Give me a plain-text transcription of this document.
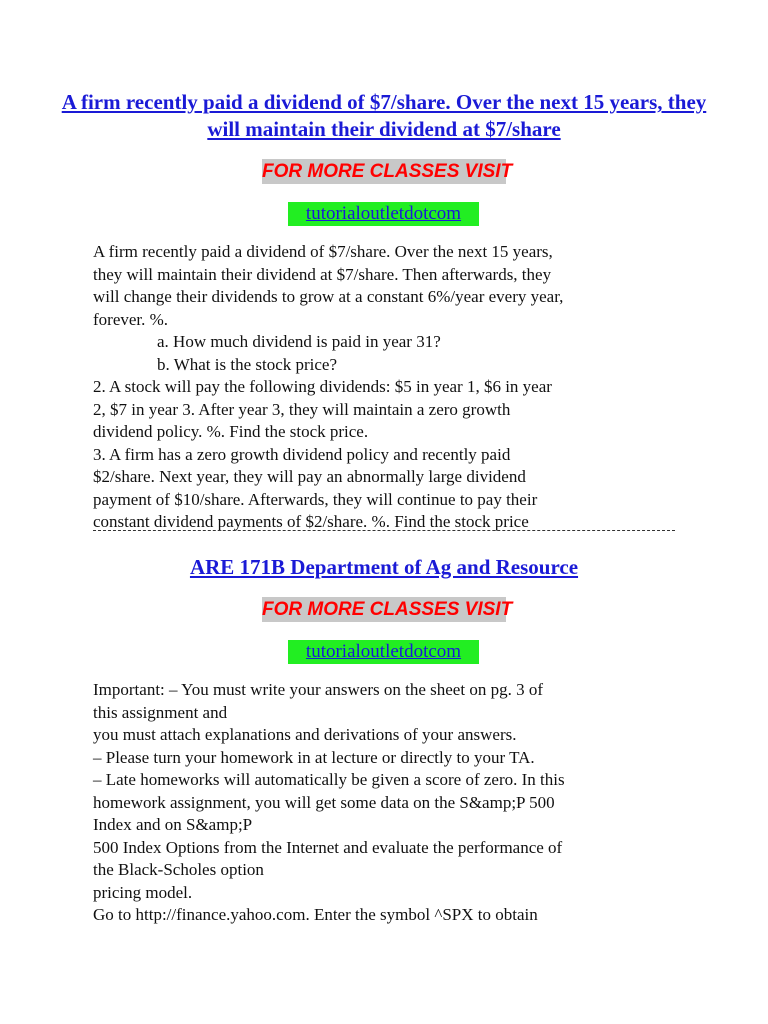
A firm recently paid a dividend of $7/share. Over the next 15 years, they will maintain their dividend at $7/share
FOR MORE CLASSES VISIT
tutorialoutletdotcom
A firm recently paid a dividend of $7/share. Over the next 15 years,
they will maintain their dividend at $7/share. Then afterwards, they
will change their dividends to grow at a constant 6%/year every year,
forever. %.
a. How much dividend is paid in year 31?
b. What is the stock price?
2. A stock will pay the following dividends: $5 in year 1, $6 in year
2, $7 in year 3. After year 3, they will maintain a zero growth
dividend policy. %. Find the stock price.
3. A firm has a zero growth dividend policy and recently paid
$2/share. Next year, they will pay an abnormally large dividend
payment of $10/share. Afterwards, they will continue to pay their
constant dividend payments of $2/share. %. Find the stock price
ARE 171B Department of Ag and Resource
FOR MORE CLASSES VISIT
tutorialoutletdotcom
Important: – You must write your answers on the sheet on pg. 3 of
this assignment and
you must attach explanations and derivations of your answers.
– Please turn your homework in at lecture or directly to your TA.
– Late homeworks will automatically be given a score of zero. In this
homework assignment, you will get some data on the S&amp;P 500
Index and on S&amp;P
500 Index Options from the Internet and evaluate the performance of
the Black-Scholes option
pricing model.
Go to http://finance.yahoo.com. Enter the symbol ^SPX to obtain
